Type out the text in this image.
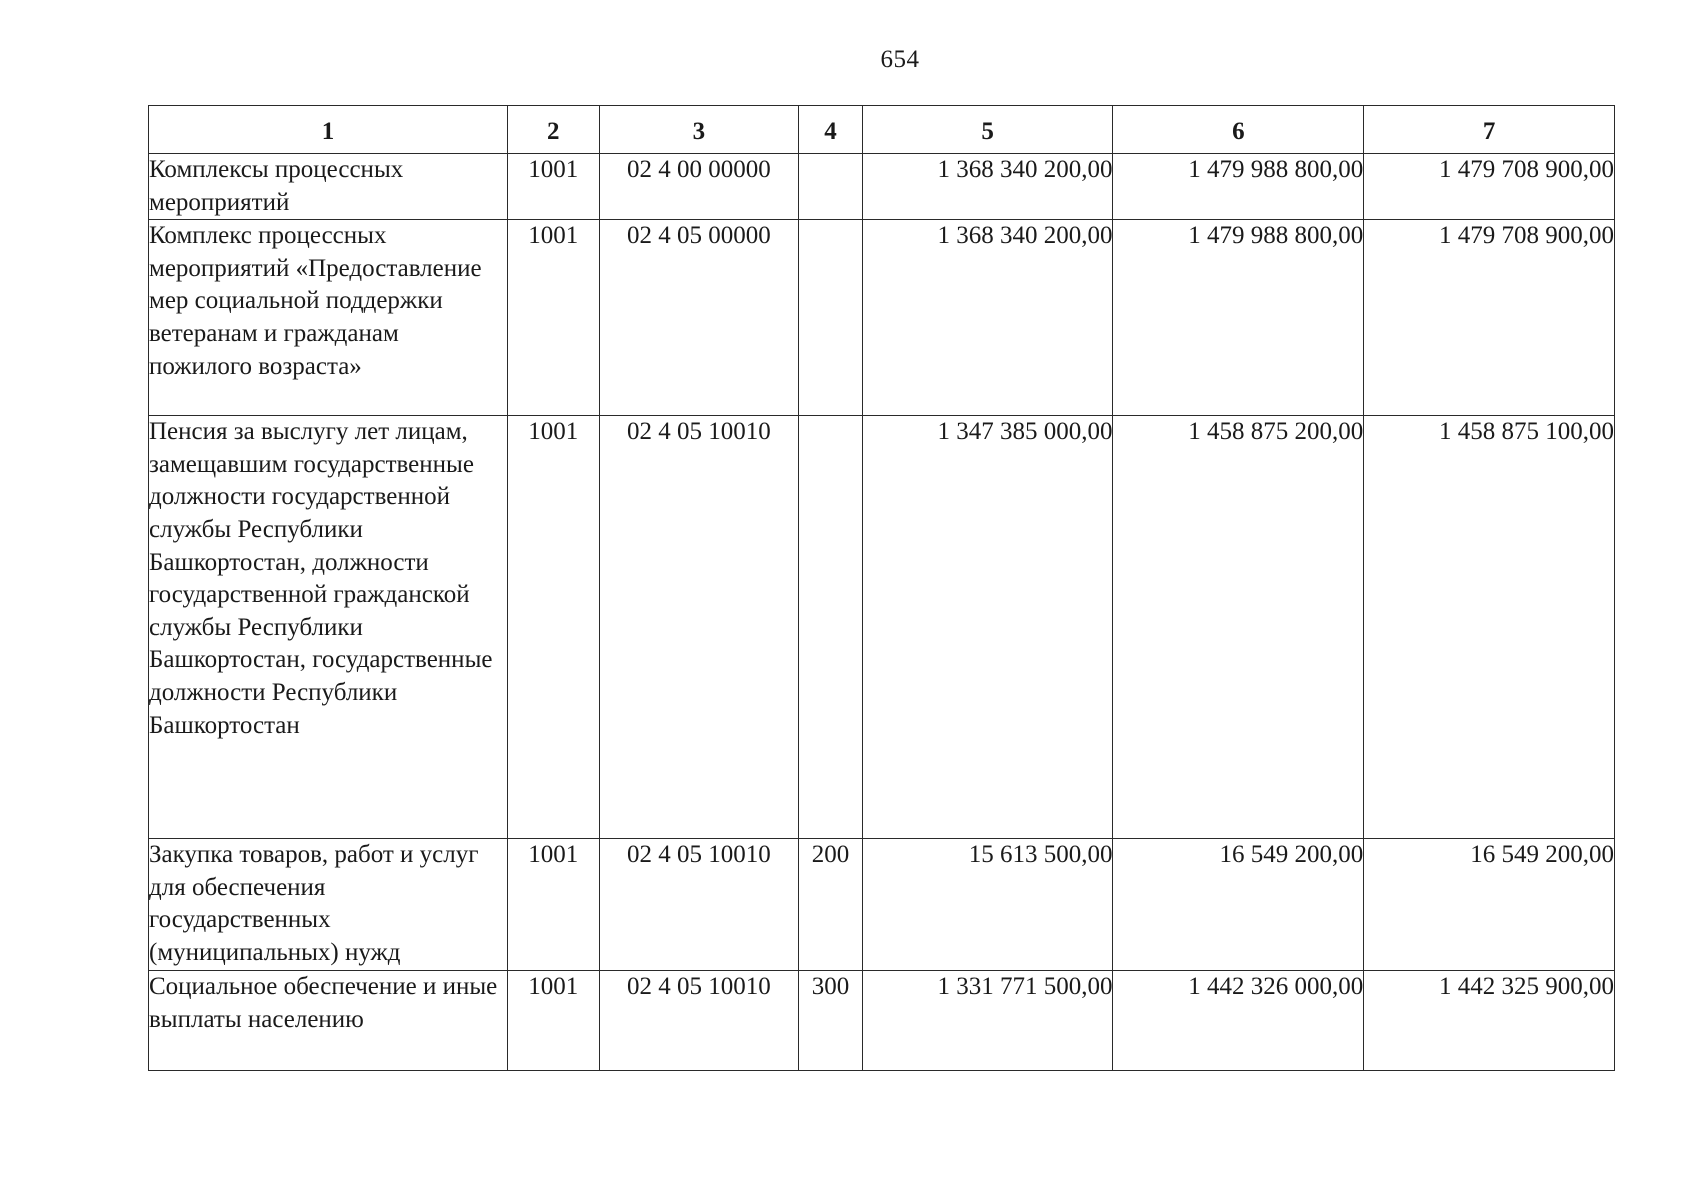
654
1	2	3	4	5	6	7
Комплексы процессных мероприятий	1001	02 4 00 00000		1 368 340 200,00	1 479 988 800,00	1 479 708 900,00
Комплекс процессных мероприятий «Предоставление мер социальной поддержки ветеранам и гражданам пожилого возраста»	1001	02 4 05 00000		1 368 340 200,00	1 479 988 800,00	1 479 708 900,00
Пенсия за выслугу лет лицам, замещавшим государственные должности государственной службы Республики Башкортостан, должности государственной гражданской службы Республики Башкортостан, государственные должности Республики Башкортостан	1001	02 4 05 10010		1 347 385 000,00	1 458 875 200,00	1 458 875 100,00
Закупка товаров, работ и услуг для обеспечения государственных (муниципальных) нужд	1001	02 4 05 10010	200	15 613 500,00	16 549 200,00	16 549 200,00
Социальное обеспечение и иные выплаты населению	1001	02 4 05 10010	300	1 331 771 500,00	1 442 326 000,00	1 442 325 900,00
